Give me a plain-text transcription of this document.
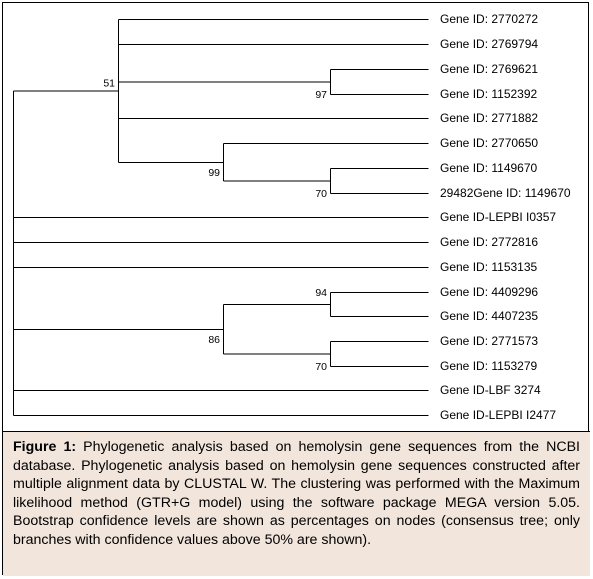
Gene ID: 2770272
Gene ID: 2769794
Gene ID: 2769621
Gene ID: 1152392
Gene ID: 2771882
Gene ID: 2770650
Gene ID: 1149670
29482Gene ID: 1149670
Gene ID-LEPBI I0357
Gene ID: 2772816
Gene ID: 1153135
Gene ID: 4409296
Gene ID: 4407235
Gene ID: 2771573
Gene ID: 1153279
Gene ID-LBF 3274
Gene ID-LEPBI I2477
51
97
99
70
86
94
70
Figure 1: Phylogenetic analysis based on hemolysin gene sequences from the NCBI database. Phylogenetic analysis based on hemolysin gene sequences constructed after multiple alignment data by CLUSTAL W. The clustering was performed with the Maximum likelihood method (GTR+G model) using the software package MEGA version 5.05. Bootstrap confidence levels are shown as percentages on nodes (consensus tree; only branches with confidence values above 50% are shown).
